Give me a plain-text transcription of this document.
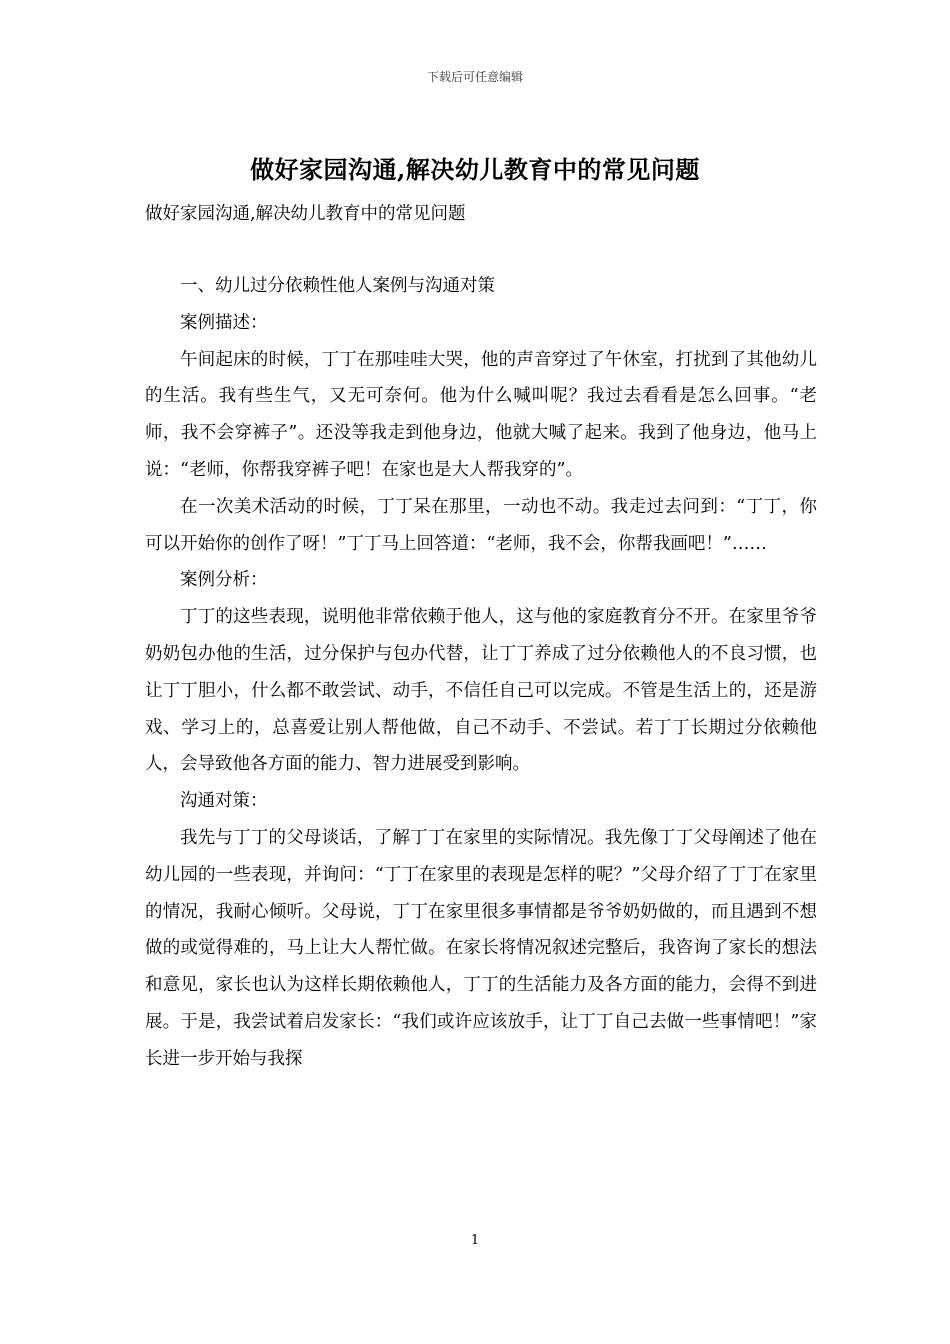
下载后可任意编辑
做好家园沟通,解决幼儿教育中的常见问题
做好家园沟通,解决幼儿教育中的常见问题

一、幼儿过分依赖性他人案例与沟通对策

案例描述：

午间起床的时候，丁丁在那哇哇大哭，他的声音穿过了午休室，打扰到了其他幼儿的生活。我有些生气，又无可奈何。他为什么喊叫呢？我过去看看是怎么回事。“老师，我不会穿裤子”。还没等我走到他身边，他就大喊了起来。我到了他身边，他马上说：“老师，你帮我穿裤子吧！在家也是大人帮我穿的”。

在一次美术活动的时候，丁丁呆在那里，一动也不动。我走过去问到：“丁丁，你可以开始你的创作了呀！”丁丁马上回答道：“老师，我不会，你帮我画吧！”……

案例分析：

丁丁的这些表现，说明他非常依赖于他人，这与他的家庭教育分不开。在家里爷爷奶奶包办他的生活，过分保护与包办代替，让丁丁养成了过分依赖他人的不良习惯，也让丁丁胆小，什么都不敢尝试、动手，不信任自己可以完成。不管是生活上的，还是游戏、学习上的，总喜爱让别人帮他做，自己不动手、不尝试。若丁丁长期过分依赖他人，会导致他各方面的能力、智力进展受到影响。

沟通对策：

我先与丁丁的父母谈话，了解丁丁在家里的实际情况。我先像丁丁父母阐述了他在幼儿园的一些表现，并询问：“丁丁在家里的表现是怎样的呢？”父母介绍了丁丁在家里的情况，我耐心倾听。父母说，丁丁在家里很多事情都是爷爷奶奶做的，而且遇到不想做的或觉得难的，马上让大人帮忙做。在家长将情况叙述完整后，我咨询了家长的想法和意见，家长也认为这样长期依赖他人，丁丁的生活能力及各方面的能力，会得不到进展。于是，我尝试着启发家长：“我们或许应该放手，让丁丁自己去做一些事情吧！”家长进一步开始与我探

1
